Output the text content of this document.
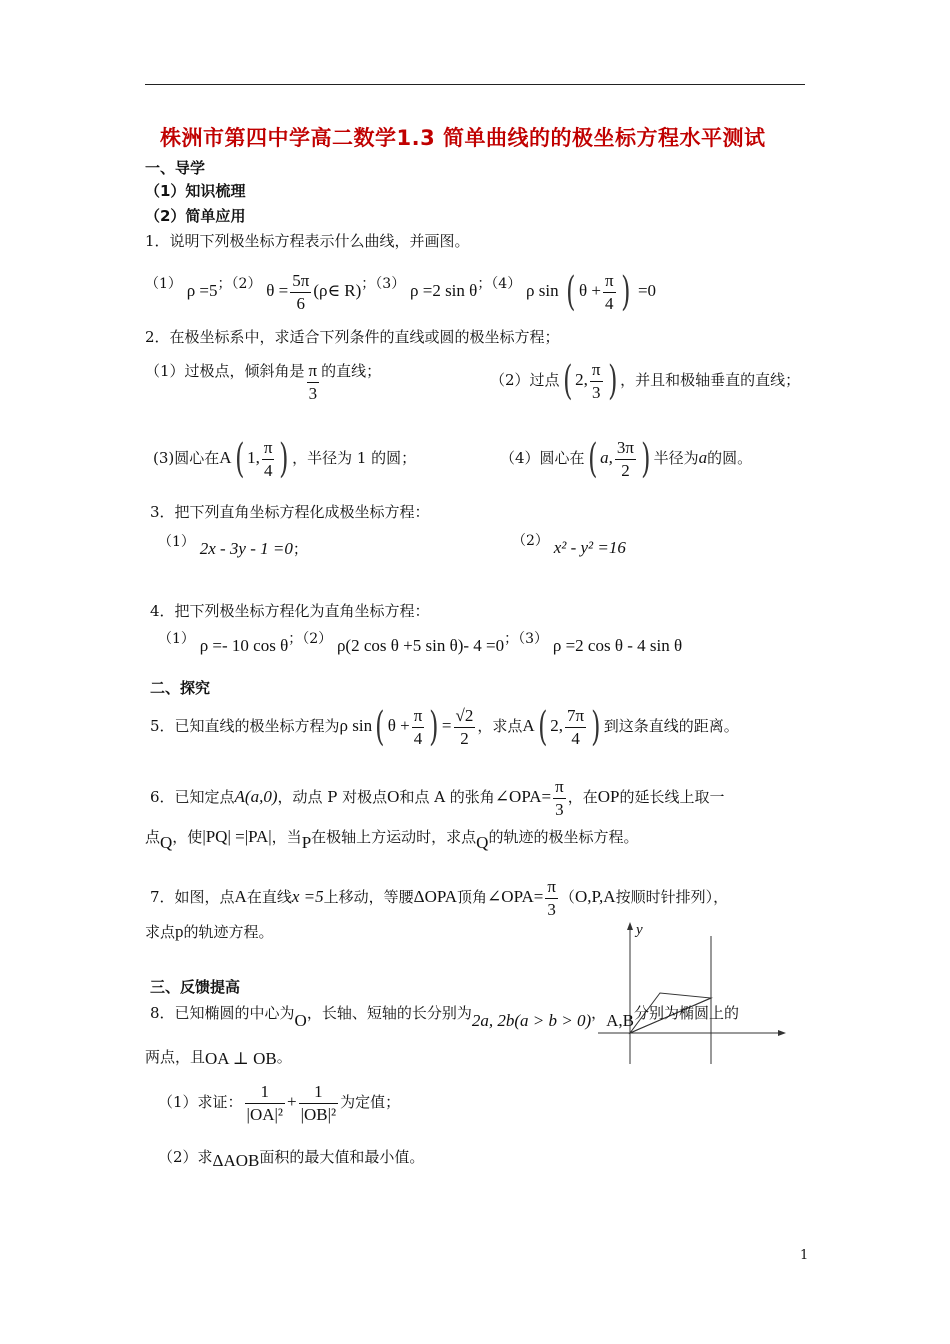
株洲市第四中学高二数学1.3 简单曲线的的极坐标方程水平测试
一、导学
（1）知识梳理
（2）简单应用
1．说明下列极坐标方程表示什么曲线，并画图。
（1） ρ =5；（2） $\theta = \frac{5\pi}{6}$ (ρ∈ R)；（3） ρ =2 sin θ；（4） ρ sin ( $\theta + \frac{\pi}{4}$ ) =0
2．在极坐标系中，求适合下列条件的直线或圆的极坐标方程；
（1）过极点，倾斜角是 $\frac{\pi}{3}$ 的直线；	（2）过点( 2, $\frac{\pi}{3}$ ) ，并且和极轴垂直的直线；
(3)圆心在A( 1, $\frac{\pi}{4}$ ) ，半径为 1 的圆；	（4）圆心在( a, $\frac{3\pi}{2}$ ) 半径为a的圆。
3．把下列直角坐标方程化成极坐标方程：
（1） 2x - 3y - 1 =0；	（2） x² - y² =16
4．把下列极坐标方程化为直角坐标方程：
（1） ρ =- 10 cos θ；（2） ρ(2 cos θ +5 sin θ)- 4 =0；（3） ρ =2 cos θ - 4 sin θ
二、探究
5．已知直线的极坐标方程为ρ sin( $\theta + \frac{\pi}{4}$ ) = $\frac{√2}{2}$ ，求点A( 2, $\frac{7\pi}{4}$ ) 到这条直线的距离。
6．已知定点A(a,0)，动点 P 对极点O和点 A 的张角∠OPA= $\frac{\pi}{3}$ ，在OP的延长线上取一
点Q，使|PQ| =|PA|，当P在极轴上方运动时，求点Q的轨迹的极坐标方程。
7．如图，点A在直线x =5上移动，等腰ΔOPA顶角∠OPA= $\frac{\pi}{3} (O,P,A$按顺时针排列），
求点p的轨迹方程。	y
三、反馈提高
8．已知椭圆的中心为O，长轴、短轴的长分别为2a, 2b(a > b > 0)，A,B分别为椭圆上的
两点，且OA ⊥ OB。
（1）求证： $\frac{1}{\text{|OA|²}} + \frac{1}{\text{|OB|²}}$ 为定值；
（2）求ΔAOB面积的最大值和最小值。
1
